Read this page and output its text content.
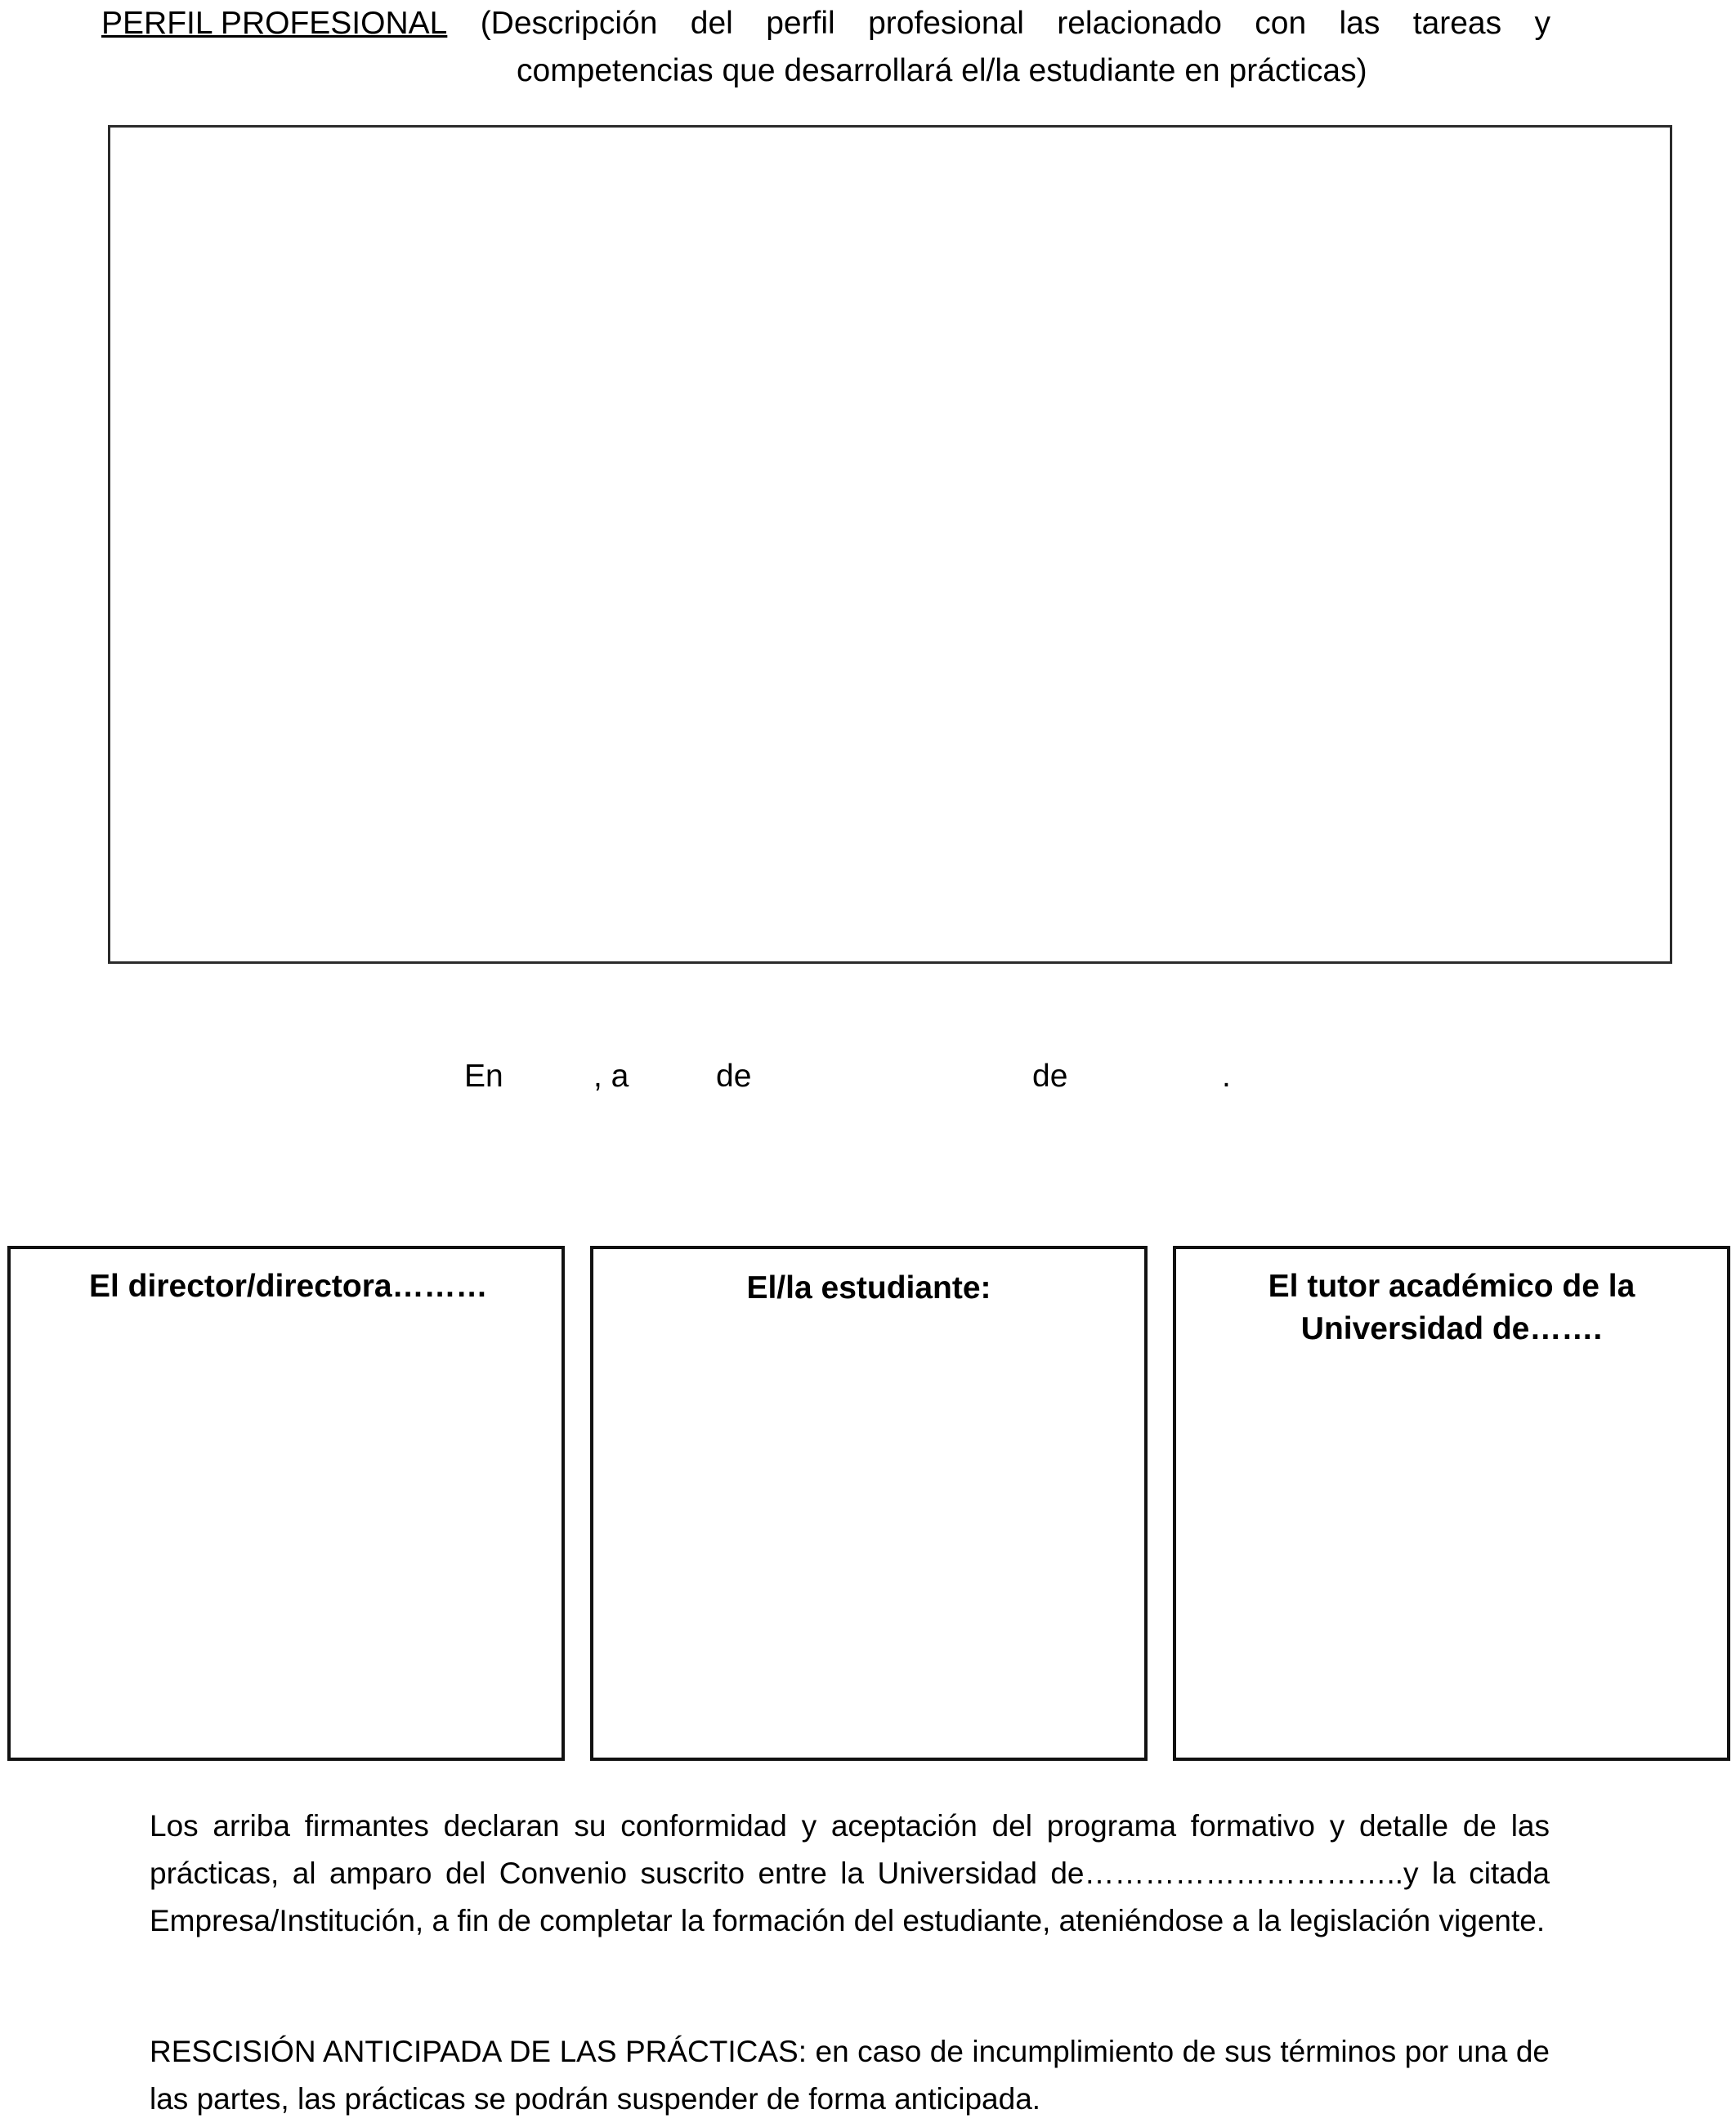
PERFIL PROFESIONAL (Descripción del perfil profesional relacionado con las tareas y
competencias que desarrollará el/la estudiante en prácticas)
En	, a	de	de	.
El director/directora………	El/la estudiante:	El tutor académico de la
Universidad de…….
Los arriba firmantes declaran su conformidad y aceptación del programa formativo y detalle de las prácticas, al amparo del Convenio suscrito entre la Universidad de…………………………..y la citada Empresa/Institución, a fin de completar la formación del estudiante, ateniéndose a la legislación vigente.
RESCISIÓN ANTICIPADA DE LAS PRÁCTICAS: en caso de incumplimiento de sus términos por una de las partes, las prácticas se podrán suspender de forma anticipada.
